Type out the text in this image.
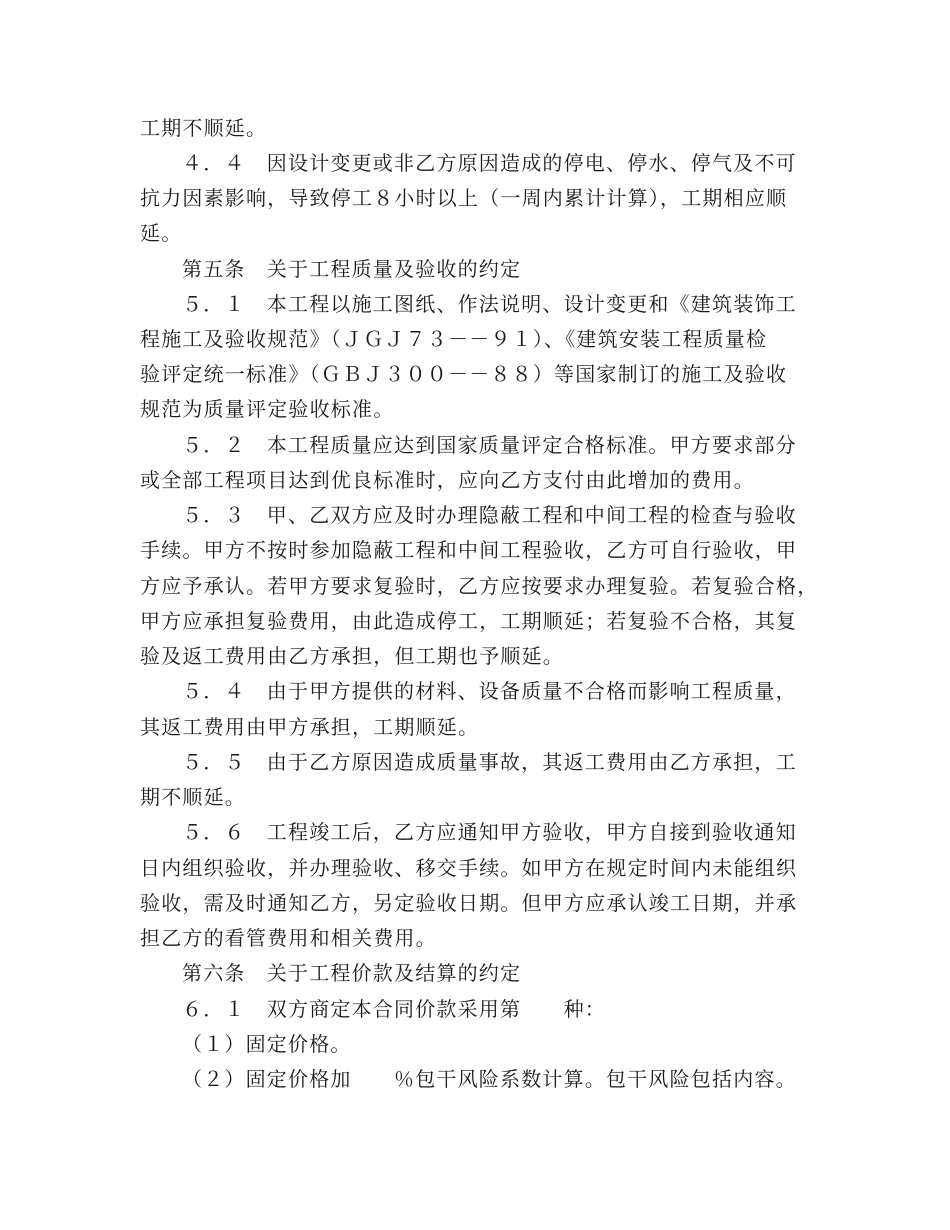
工期不顺延。
４．４　因设计变更或非乙方原因造成的停电、停水、停气及不可
抗力因素影响，导致停工８小时以上（一周内累计计算），工期相应顺
延。
第五条　关于工程质量及验收的约定
５．１　本工程以施工图纸、作法说明、设计变更和《建筑装饰工
程施工及验收规范》（ＪＧＪ７３－－９１）、《建筑安装工程质量检
验评定统一标准》（ＧＢＪ３００－－８８）等国家制订的施工及验收
规范为质量评定验收标准。
５．２　本工程质量应达到国家质量评定合格标准。甲方要求部分
或全部工程项目达到优良标准时，应向乙方支付由此增加的费用。
５．３　甲、乙双方应及时办理隐蔽工程和中间工程的检查与验收
手续。甲方不按时参加隐蔽工程和中间工程验收，乙方可自行验收，甲
方应予承认。若甲方要求复验时，乙方应按要求办理复验。若复验合格，
甲方应承担复验费用，由此造成停工，工期顺延；若复验不合格，其复
验及返工费用由乙方承担，但工期也予顺延。
５．４　由于甲方提供的材料、设备质量不合格而影响工程质量，
其返工费用由甲方承担，工期顺延。
５．５　由于乙方原因造成质量事故，其返工费用由乙方承担，工
期不顺延。
５．６　工程竣工后，乙方应通知甲方验收，甲方自接到验收通知
日内组织验收，并办理验收、移交手续。如甲方在规定时间内未能组织
验收，需及时通知乙方，另定验收日期。但甲方应承认竣工日期，并承
担乙方的看管费用和相关费用。
第六条　关于工程价款及结算的约定
６．１　双方商定本合同价款采用第　　种：
（１）固定价格。
（２）固定价格加　　％包干风险系数计算。包干风险包括内容。
